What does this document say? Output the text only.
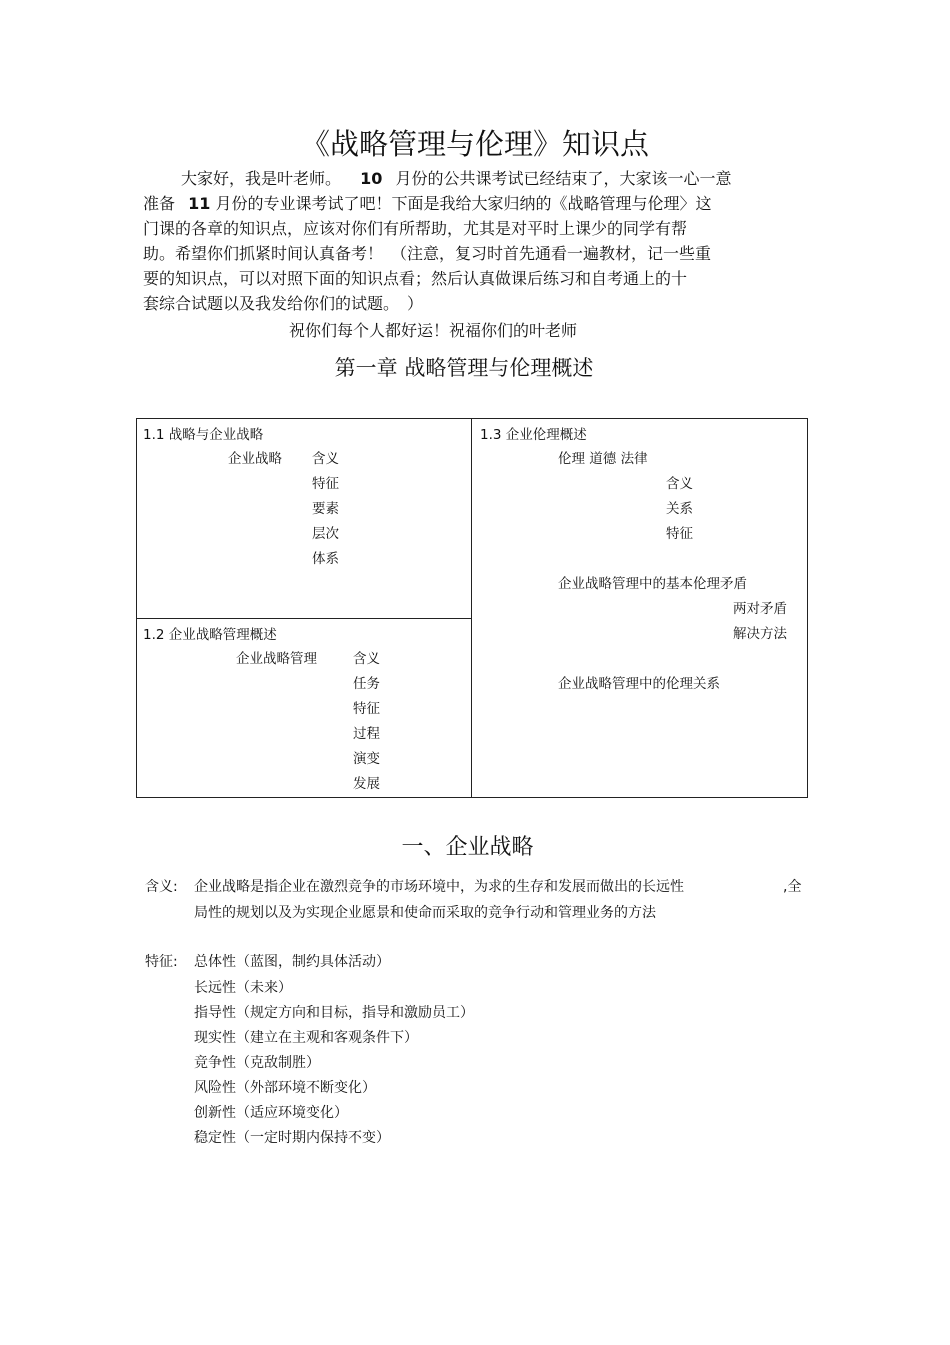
《战略管理与伦理》知识点
大家好，我是叶老师。 10 月份的公共课考试已经结束了，大家该一心一意
准备 11 月份的专业课考试了吧！下面是我给大家归纳的《战略管理与伦理〉这
门课的各章的知识点，应该对你们有所帮助，尤其是对平时上课少的同学有帮
助。希望你们抓紧时间认真备考！　（注意，复习时首先通看一遍教材，记一些重
要的知识点，可以对照下面的知识点看；然后认真做课后练习和自考通上的十
套综合试题以及我发给你们的试题。　）
祝你们每个人都好运！祝福你们的叶老师
第一章 战略管理与伦理概述
1.1 战略与企业战略
企业战略 含义
特征
要素
层次
体系
1.2 企业战略管理概述
企业战略管理	含义
任务
特征
过程
演变
发展
1.3 企业伦理概述
伦理 道德 法律
含义
关系
特征
企业战略管理中的基本伦理矛盾
两对矛盾
解决方法
企业战略管理中的伦理关系
一、企业战略
含义: 企业战略是指企业在激烈竞争的市场环境中，为求的生存和发展而做出的长远性	,全
局性的规划以及为实现企业愿景和使命而采取的竞争行动和管理业务的方法
特征: 总体性（蓝图，制约具体活动）
长远性（未来）
指导性（规定方向和目标，指导和激励员工）
现实性（建立在主观和客观条件下）
竞争性（克敌制胜）
风险性（外部环境不断变化）
创新性（适应环境变化）
稳定性（一定时期内保持不变）
